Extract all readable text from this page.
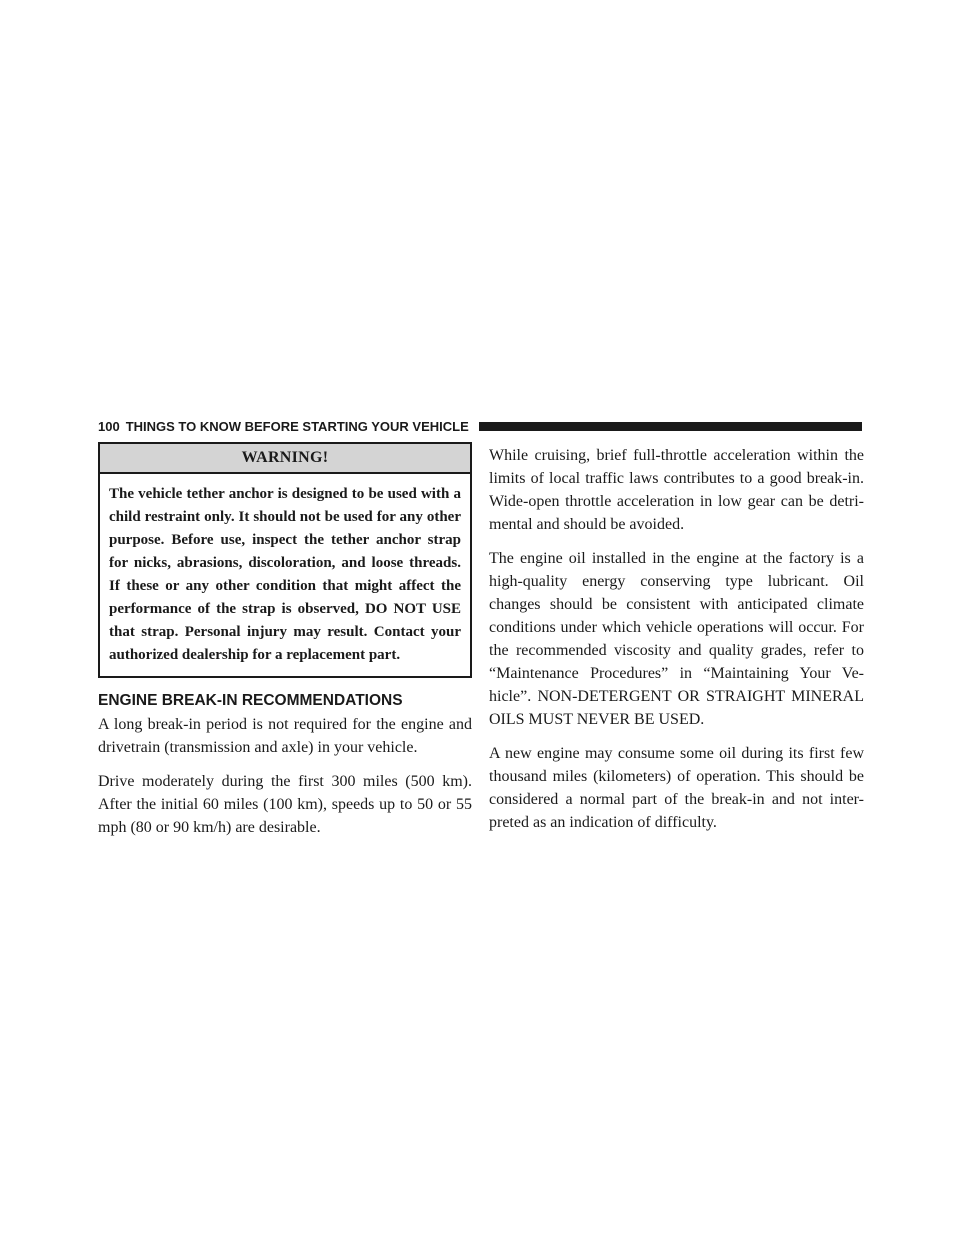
100 THINGS TO KNOW BEFORE STARTING YOUR VEHICLE
WARNING!
The vehicle tether anchor is designed to be used with a child restraint only. It should not be used for any other purpose. Before use, inspect the tether anchor strap for nicks, abrasions, discoloration, and loose threads. If these or any other condition that might affect the performance of the strap is observed, DO NOT USE that strap. Personal injury may result. Contact your authorized dealership for a replacement part.
ENGINE BREAK-IN RECOMMENDATIONS

A long break-in period is not required for the engine and drivetrain (transmission and axle) in your vehicle.

Drive moderately during the first 300 miles (500 km). After the initial 60 miles (100 km), speeds up to 50 or 55 mph (80 or 90 km/h) are desirable.

While cruising, brief full-throttle acceleration within the limits of local traffic laws contributes to a good break-in. Wide-open throttle acceleration in low gear can be detri- mental and should be avoided.

The engine oil installed in the engine at the factory is a high-quality energy conserving type lubricant. Oil changes should be consistent with anticipated climate conditions under which vehicle operations will occur. For the recommended viscosity and quality grades, refer to “Maintenance Procedures” in “Maintaining Your Ve- hicle”. NON-DETERGENT OR STRAIGHT MINERAL OILS MUST NEVER BE USED.

A new engine may consume some oil during its first few thousand miles (kilometers) of operation. This should be considered a normal part of the break-in and not inter- preted as an indication of difficulty.
